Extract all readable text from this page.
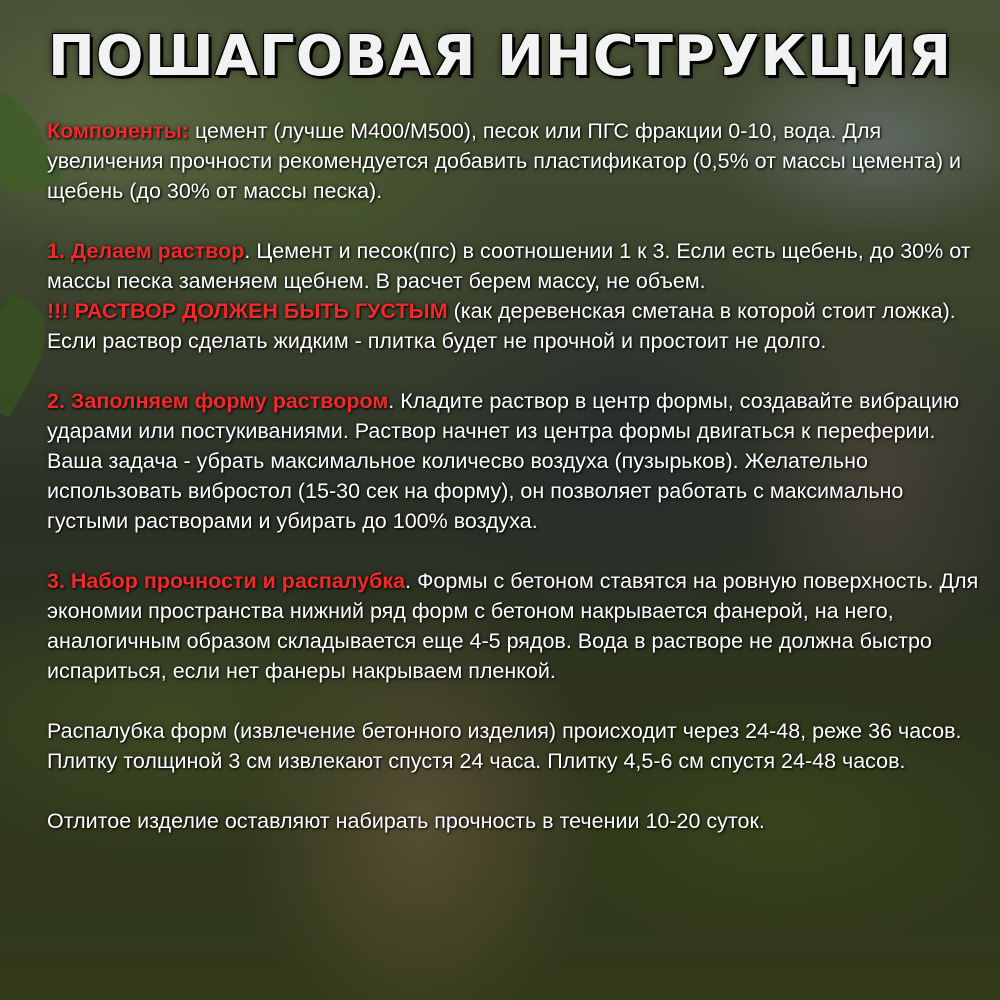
ПОШАГОВАЯ ИНСТРУКЦИЯ

Компоненты: цемент (лучше М400/М500), песок или ПГС фракции 0-10, вода. Для увеличения прочности рекомендуется добавить пластификатор (0,5% от массы цемента) и щебень (до 30% от массы песка).

1. Делаем раствор. Цемент и песок(пгс) в соотношении 1 к 3. Если есть щебень, до 30% от массы песка заменяем щебнем. В расчет берем массу, не объем.
!!! РАСТВОР ДОЛЖЕН БЫТЬ ГУСТЫМ (как деревенская сметана в которой стоит ложка). Если раствор сделать жидким - плитка будет не прочной и простоит не долго.

2. Заполняем форму раствором. Кладите раствор в центр формы, создавайте вибрацию ударами или постукиваниями. Раствор начнет из центра формы двигаться к переферии. Ваша задача - убрать максимальное количесво воздуха (пузырьков). Желательно использовать вибростол (15-30 сек на форму), он позволяет работать с максимально густыми растворами и убирать до 100% воздуха.

3. Набор прочности и распалубка. Формы с бетоном ставятся на ровную поверхность. Для экономии пространства нижний ряд форм с бетоном накрывается фанерой, на него, аналогичным образом складывается еще 4-5 рядов. Вода в растворе не должна быстро испариться, если нет фанеры накрываем пленкой.

Распалубка форм (извлечение бетонного изделия) происходит через 24-48, реже 36 часов. Плитку толщиной 3 см извлекают спустя 24 часа. Плитку 4,5-6 см спустя 24-48 часов.

Отлитое изделие оставляют набирать прочность в течении 10-20 суток.
